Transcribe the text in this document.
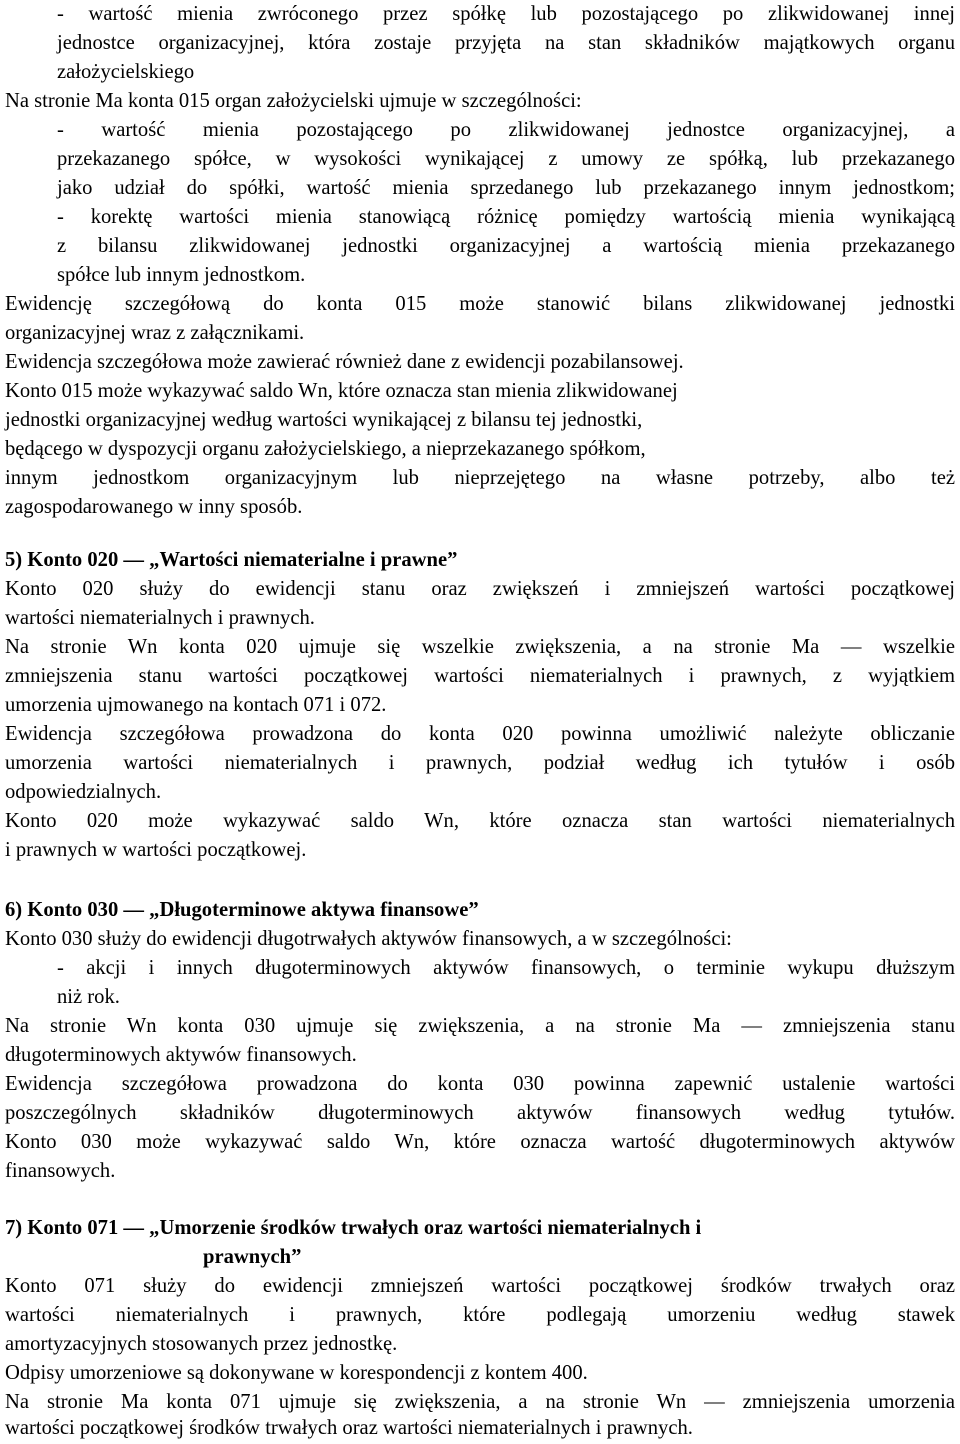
- wartość mienia zwróconego przez spółkę lub pozostającego po zlikwidowanej innej
jednostce organizacyjnej, która zostaje przyjęta na stan składników majątkowych organu
założycielskiego
Na stronie Ma konta 015 organ założycielski ujmuje w szczególności:
- wartość mienia pozostającego po zlikwidowanej jednostce organizacyjnej, a
przekazanego spółce, w wysokości wynikającej z umowy ze spółką, lub przekazanego
jako udział do spółki, wartość mienia sprzedanego lub przekazanego innym jednostkom;
- korektę wartości mienia stanowiącą różnicę pomiędzy wartością mienia wynikającą
z bilansu zlikwidowanej jednostki organizacyjnej a wartością mienia przekazanego
spółce lub innym jednostkom.
Ewidencję szczegółową do konta 015 może stanowić bilans zlikwidowanej jednostki
organizacyjnej wraz z załącznikami.
Ewidencja szczegółowa może zawierać również dane z ewidencji pozabilansowej.
Konto 015 może wykazywać saldo Wn, które oznacza stan mienia zlikwidowanej
jednostki organizacyjnej według wartości wynikającej z bilansu tej jednostki,
będącego w dyspozycji organu założycielskiego, a nieprzekazanego spółkom,
innym jednostkom organizacyjnym lub nieprzejętego na własne potrzeby, albo też
zagospodarowanego w inny sposób.
5) Konto 020 — „Wartości niematerialne i prawne”
Konto 020 służy do ewidencji stanu oraz zwiększeń i zmniejszeń wartości początkowej
wartości niematerialnych i prawnych.
Na stronie Wn konta 020 ujmuje się wszelkie zwiększenia, a na stronie Ma — wszelkie
zmniejszenia stanu wartości początkowej wartości niematerialnych i prawnych, z wyjątkiem
umorzenia ujmowanego na kontach 071 i 072.
Ewidencja szczegółowa prowadzona do konta 020 powinna umożliwić należyte obliczanie
umorzenia wartości niematerialnych i prawnych, podział według ich tytułów i osób
odpowiedzialnych.
Konto 020 może wykazywać saldo Wn, które oznacza stan wartości niematerialnych
i prawnych w wartości początkowej.
6) Konto 030 — „Długoterminowe aktywa finansowe”
Konto 030 służy do ewidencji długotrwałych aktywów finansowych, a w szczególności:
- akcji i innych długoterminowych aktywów finansowych, o terminie wykupu dłuższym
niż rok.
Na stronie Wn konta 030 ujmuje się zwiększenia, a na stronie Ma — zmniejszenia stanu
długoterminowych aktywów finansowych.
Ewidencja szczegółowa prowadzona do konta 030 powinna zapewnić ustalenie wartości
poszczególnych składników długoterminowych aktywów finansowych według tytułów.
Konto 030 może wykazywać saldo Wn, które oznacza wartość długoterminowych aktywów
finansowych.
7) Konto 071 — „Umorzenie środków trwałych oraz wartości niematerialnych i
prawnych”
Konto 071 służy do ewidencji zmniejszeń wartości początkowej środków trwałych oraz
wartości niematerialnych i prawnych, które podlegają umorzeniu według stawek
amortyzacyjnych stosowanych przez jednostkę.
Odpisy umorzeniowe są dokonywane w korespondencji z kontem 400.
Na stronie Ma konta 071 ujmuje się zwiększenia, a na stronie Wn — zmniejszenia umorzenia
wartości początkowej środków trwałych oraz wartości niematerialnych i prawnych.
